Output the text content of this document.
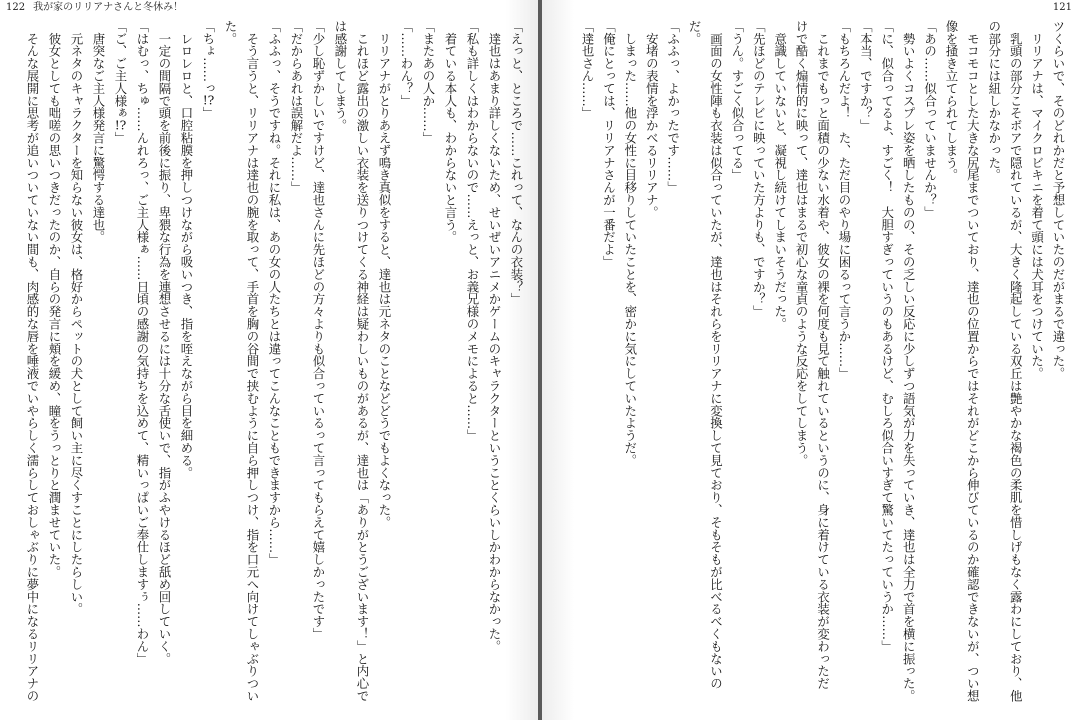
122 我が家のリリアナさんと冬休み！
「えっと、ところで……これって、なんの衣装？」
　達也はあまり詳しくないため、せいぜいアニメかゲームのキャラクターということくらいしかわからなかった。
「私も詳しくはわからないので……えっと、お義兄様のメモによると……」
　着ている本人も、わからないと言う。
「またあの人か……」
「……わん？」
　リリアナがとりあえず鳴き真似をすると、達也は元ネタのことなどどうでもよくなった。
　これほど露出の激しい衣装を送りつけてくる神経は疑わしいものがあるが、達也は「ありがとうございます！」と内心で
は感謝してしまう。
「少し恥ずかしいですけど、達也さんに先ほどの方々よりも似合っているって言ってもらえて嬉しかったです」
「だからあれは誤解だよ……」
「ふふっ、そうですね。それに私は、あの女の人たちとは違ってこんなこともできますから……」
　そう言うと、リリアナは達也の腕を取って、手首を胸の谷間で挟むように自ら押しつけ、指を口元へ向けてしゃぶりつい
た。
「ちょ……っ!?」
　レロレロと、口腔粘膜を押しつけながら吸いつき、指を咥えながら目を細める。
　一定の間隔で頭を前後に振り、卑猥な行為を連想させるには十分な舌使いで、指がふやけるほど舐め回していく。
「はむっ、ちゅ……んれろっ、ご主人様ぁ……日頃の感謝の気持ちを込めて、精いっぱいご奉仕しますぅ……わん」
「ご、ご主人様ぁ!?」
　唐突なご主人様発言に驚愕する達也。
　元ネタのキャラクターを知らない彼女は、格好からペットの犬として飼い主に尽くすことにしたらしい。
　彼女としても咄嗟の思いつきだったのか、自らの発言に頬を緩め、瞳をうっとりと潤ませていた。
　そんな展開に思考が追いついていない間も、肉感的な唇を唾液でいやらしく濡らしておしゃぶりに夢中になるリリアナの
121
ツくらいで、そのどれかだと予想していたのだがまるで違った。
　リリアナは、マイクロビキニを着て頭には犬耳をつけていた。
　乳頭の部分こそボアで隠れているが、大きく隆起している双丘は艶やかな褐色の柔肌を惜しげもなく露わにしており、他
の部分には紐しかなかった。
　モコモコとした大きな尻尾までついており、達也の位置からではそれがどこから伸びているのか確認できないが、つい想
像を掻き立てられてしまう。
「あの……似合っていませんか？」
　勢いよくコスプレ姿を晒したものの、その乏しい反応に少しずつ語気が力を失っていき、達也は全力で首を横に振った。
「に、似合ってるよ、すごく！　大胆すぎっていうのもあるけど、むしろ似合いすぎて驚いてたっていうか……」
「本当、ですか？」
「もちろんだよ！　た、ただ目のやり場に困るって言うか……」
　これまでもっと面積の少ない水着や、彼女の裸を何度も見て触れているというのに、身に着けている衣装が変わっただ
けで酷く煽情的に映って、達也はまるで初心な童貞のような反応をしてしまう。
　意識していないと、凝視し続けてしまいそうだった。
「先ほどのテレビに映っていた方よりも、ですか？」
「うん。すごく似合ってる」
　画面の女性陣も衣装は似合っていたが、達也はそれらをリリアナに変換して見ており、そもそもが比べるべくもないの
だ。
「ふふっ、よかったです……」
　安堵の表情を浮かべるリリアナ。
　しまった……他の女性に目移りしていたことを、密かに気にしていたようだ。
「俺にとっては、リリアナさんが一番だよ」
「達也さん……」
